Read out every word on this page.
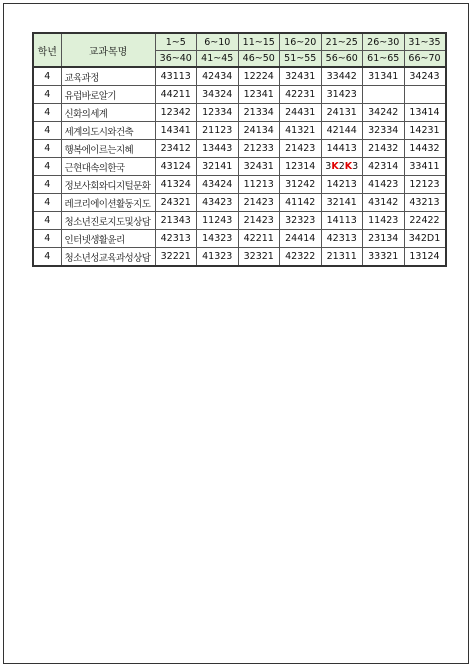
학년	교과목명	1~5	6~10	11~15	16~20	21~25	26~30	31~35
		36~40	41~45	46~50	51~55	56~60	61~65	66~70
4	교육과정	43113	42434	12224	32431	33442	31341	34243
4	유럽바로알기	44211	34324	12341	42231	31423		
4	신화의세계	12342	12334	21334	24431	24131	34242	13414
4	세계의도시와건축	14341	21123	24134	41321	42144	32334	14231
4	행복에이르는지혜	23412	13443	21233	21423	14413	21432	14432
4	근현대속의한국	43124	32141	32431	12314	3K2K3	42314	33411
4	정보사회와디지털문화	41324	43424	11213	31242	14213	41423	12123
4	레크리에이션활동지도	24321	43423	21423	41142	32141	43142	43213
4	청소년진로지도및상담	21343	11243	21423	32323	14113	11423	22422
4	인터넷생활윤리	42313	14323	42211	24414	42313	23134	342D1
4	청소년성교육과성상담	32221	41323	32321	42322	21311	33321	13124
